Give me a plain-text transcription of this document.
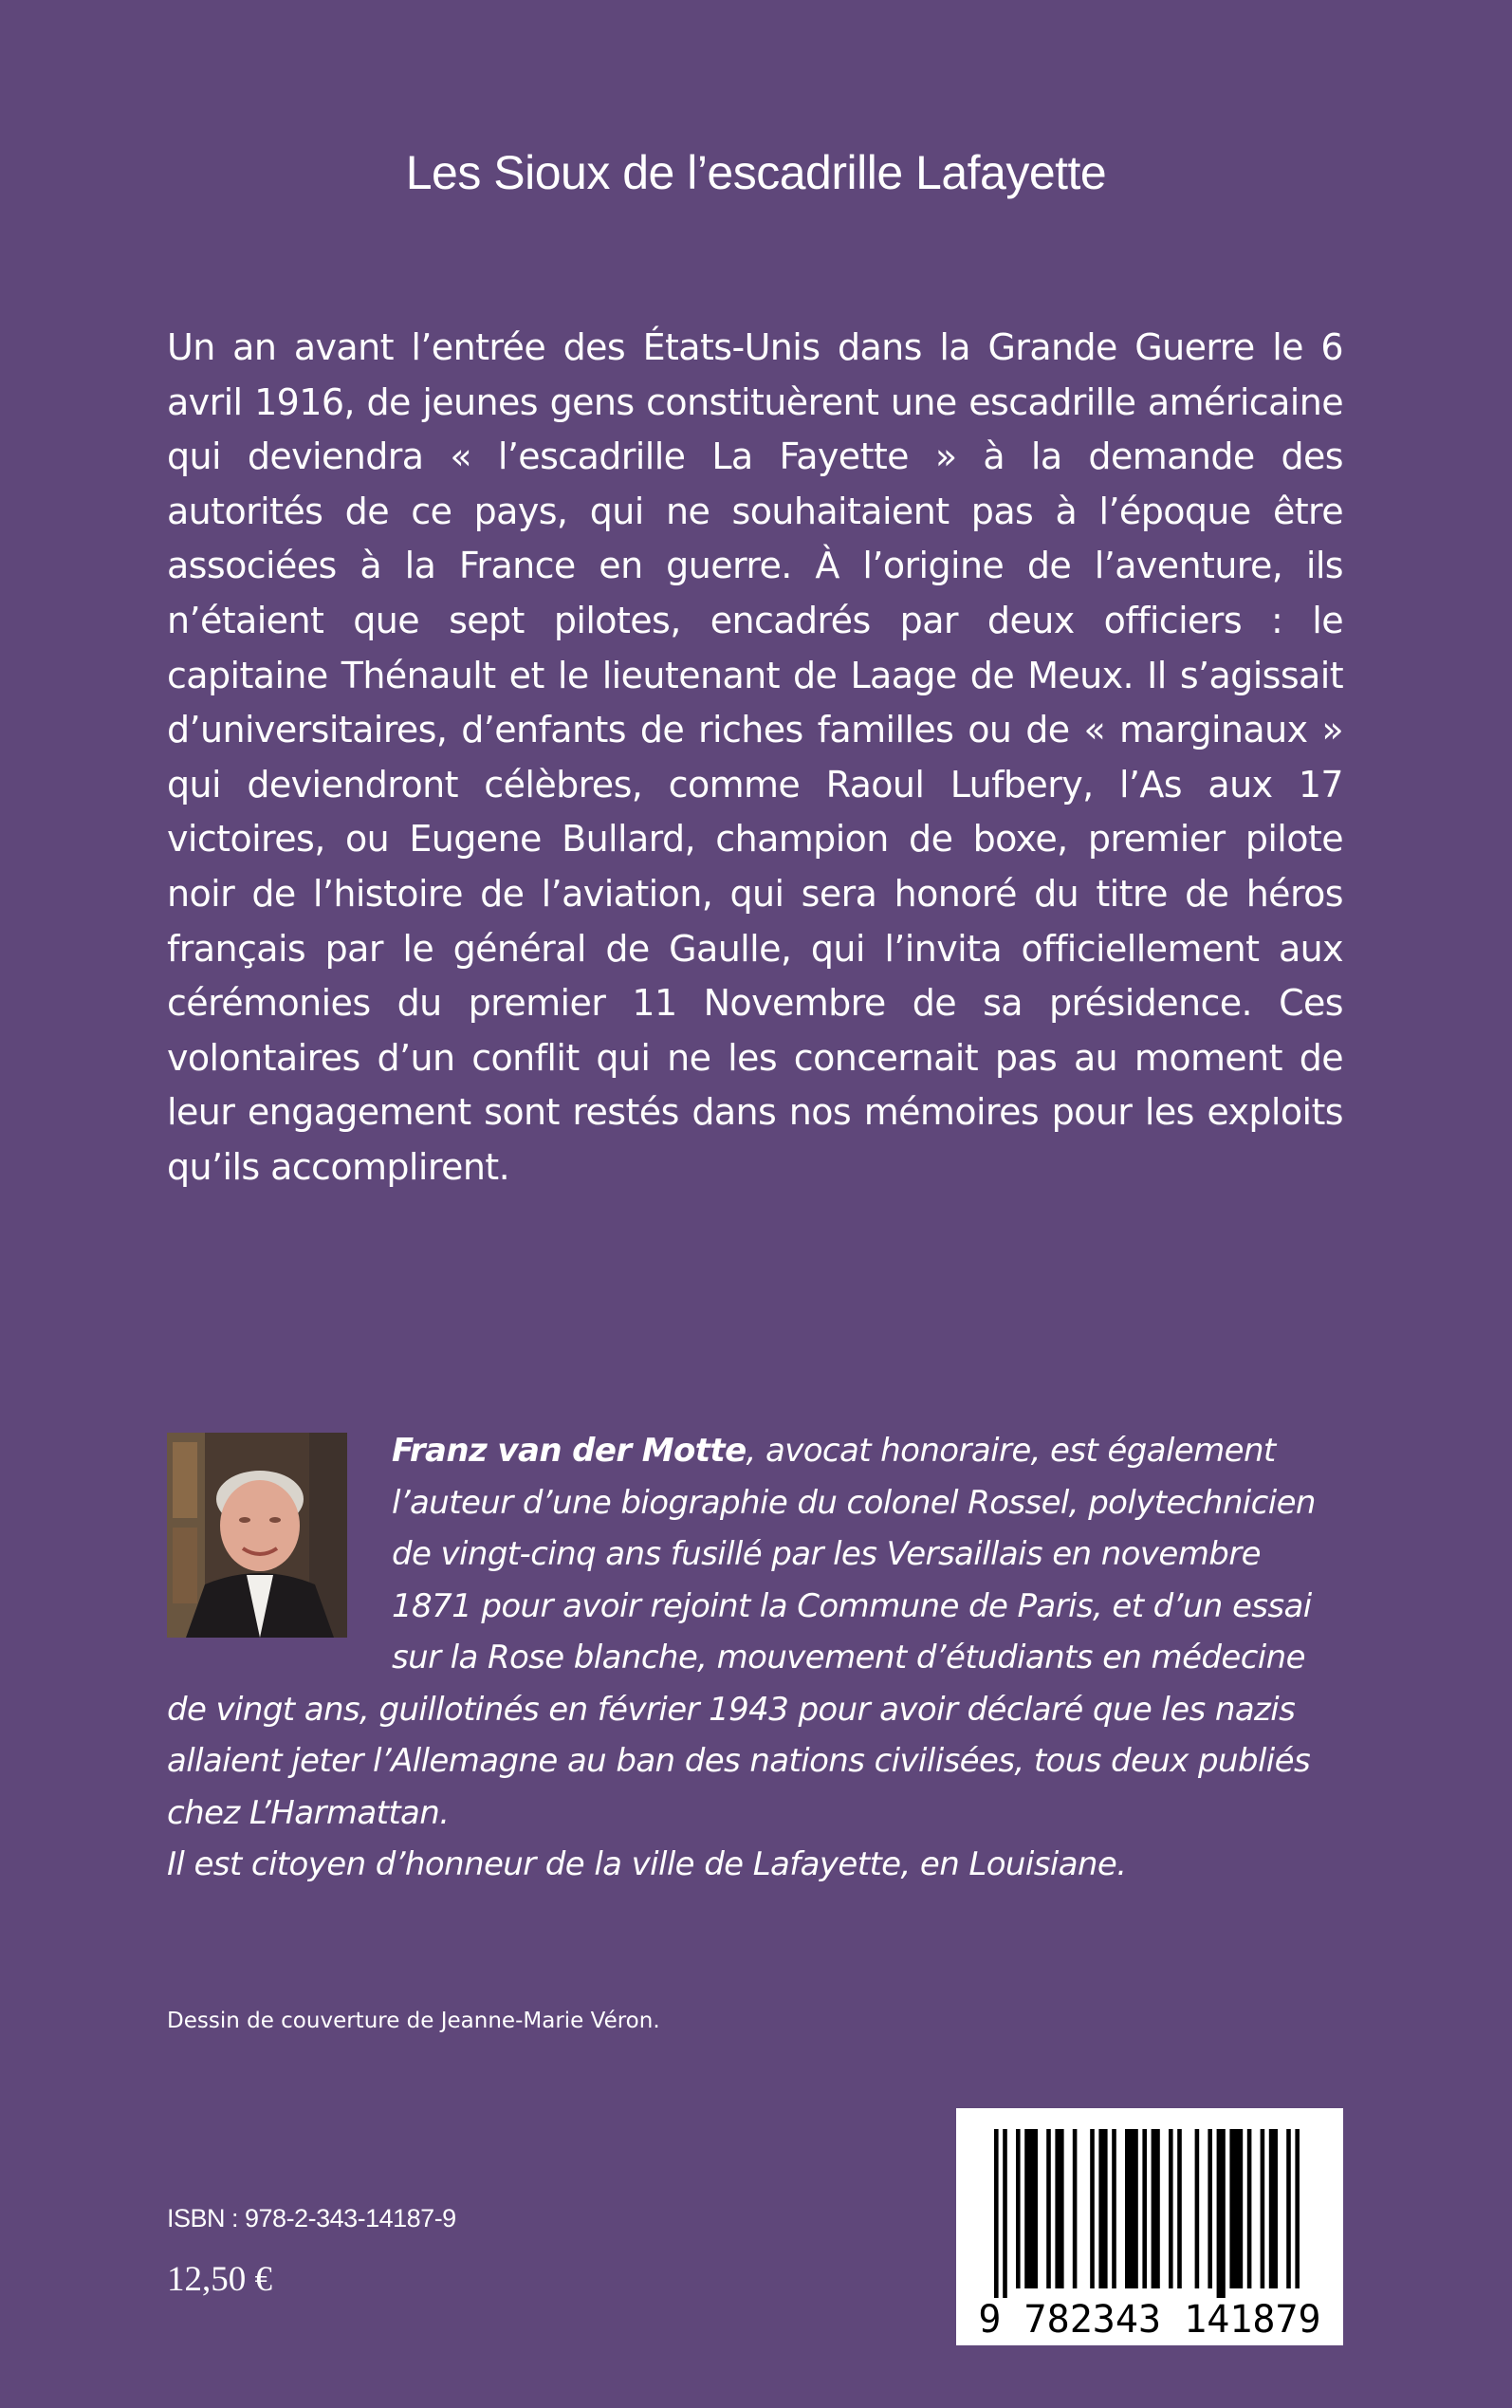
Les Sioux de l’escadrille Lafayette

Un an avant l’entrée des États-Unis dans la Grande Guerre le 6 avril 1916, de jeunes gens constituèrent une escadrille américaine qui deviendra « l’escadrille La Fayette » à la demande des autorités de ce pays, qui ne souhaitaient pas à l’époque être associées à la France en guerre. À l’origine de l’aventure, ils n’étaient que sept pilotes, encadrés par deux officiers : le capitaine Thénault et le lieutenant de Laage de Meux. Il s’agissait d’universitaires, d’enfants de riches familles ou de « marginaux » qui deviendront célèbres, comme Raoul Lufbery, l’As aux 17 victoires, ou Eugene Bullard, champion de boxe, premier pilote noir de l’histoire de l’aviation, qui sera honoré du titre de héros français par le général de Gaulle, qui l’invita officiellement aux cérémonies du premier 11 Novembre de sa présidence. Ces volontaires d’un conflit qui ne les concernait pas au moment de leur engagement sont restés dans nos mémoires pour les exploits qu’ils accomplirent.

Franz van der Motte, avocat honoraire, est également l’auteur d’une biographie du colonel Rossel, polytechnicien de vingt-cinq ans fusillé par les Versaillais en novembre 1871 pour avoir rejoint la Commune de Paris, et d’un essai sur la Rose blanche, mouvement d’étudiants en médecine de vingt ans, guillotinés en février 1943 pour avoir déclaré que les nazis allaient jeter l’Allemagne au ban des nations civilisées, tous deux publiés chez L’Harmattan.
Il est citoyen d’honneur de la ville de Lafayette, en Louisiane.

Dessin de couverture de Jeanne-Marie Véron.
ISBN : 978-2-343-14187-9
12,50 €
9 782343 141879
